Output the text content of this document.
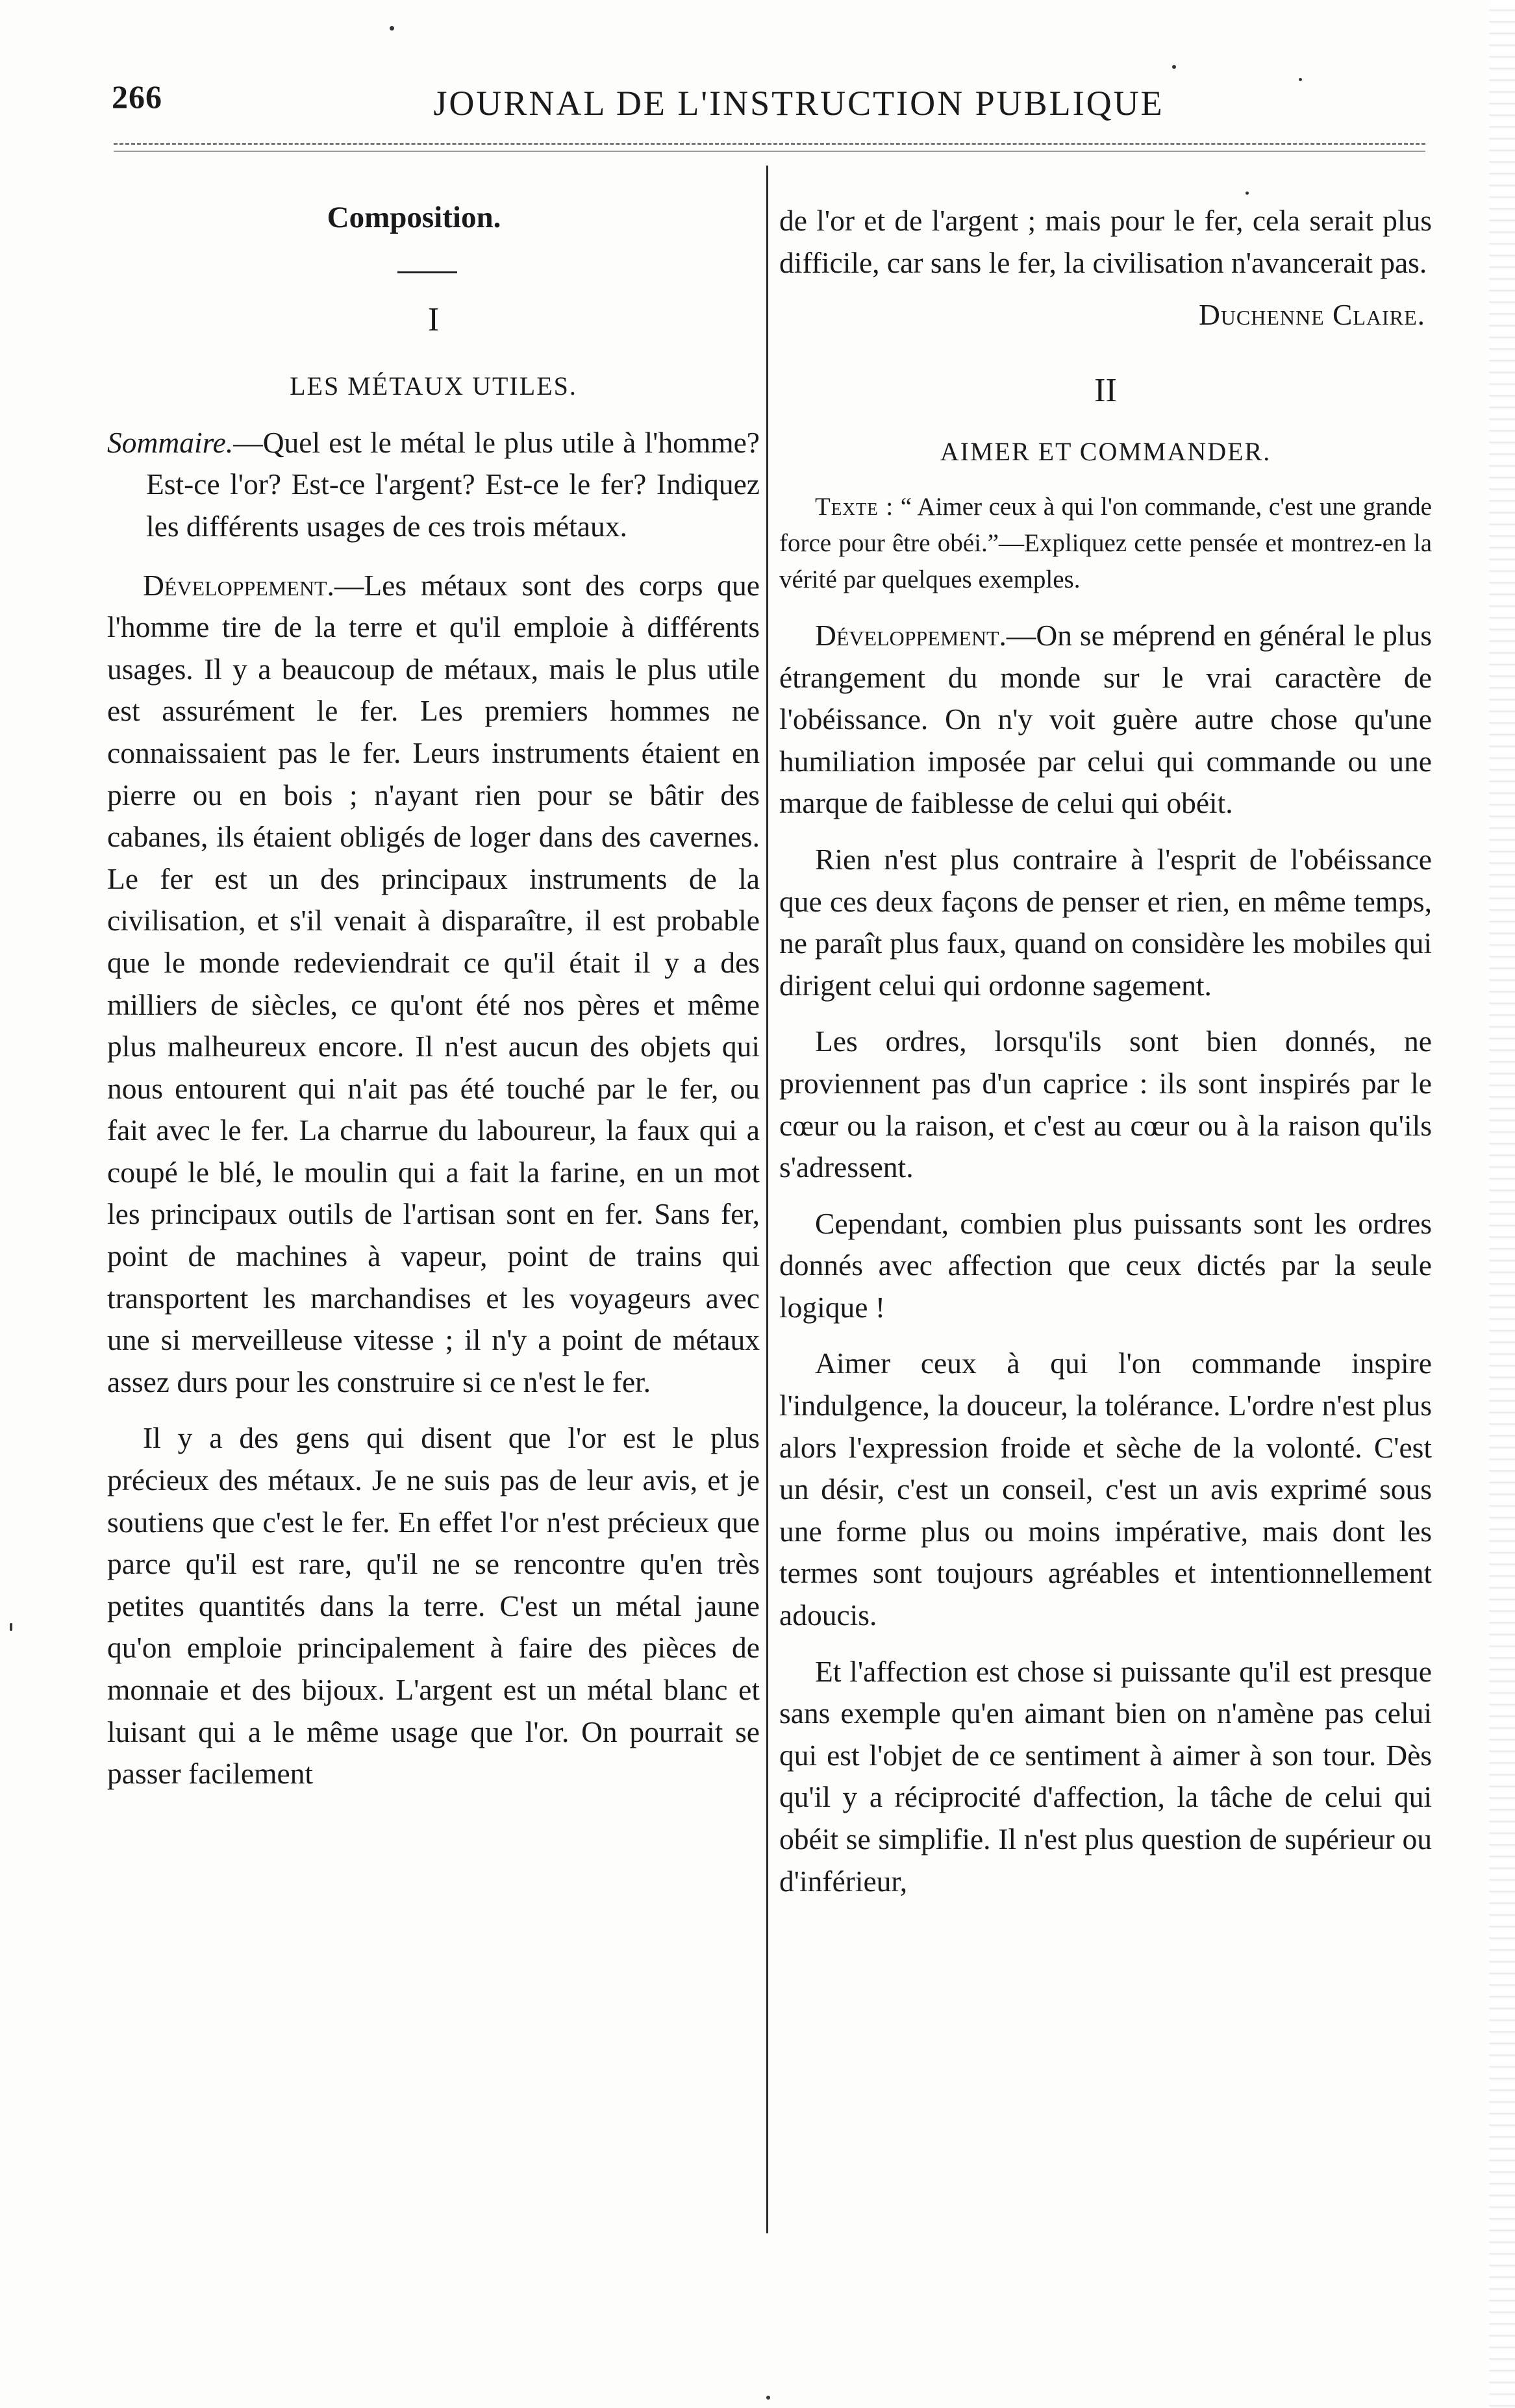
266	JOURNAL DE L'INSTRUCTION PUBLIQUE
Composition.
I
LES MÉTAUX UTILES.

Sommaire.—Quel est le métal le plus utile à l'homme? Est-ce l'or? Est-ce l'argent? Est-ce le fer? Indiquez les différents usages de ces trois métaux.

Développement.—Les métaux sont des corps que l'homme tire de la terre et qu'il emploie à différents usages. Il y a beaucoup de métaux, mais le plus utile est assurément le fer. Les premiers hommes ne connaissaient pas le fer. Leurs instruments étaient en pierre ou en bois ; n'ayant rien pour se bâtir des cabanes, ils étaient obligés de loger dans des cavernes. Le fer est un des principaux instruments de la civilisation, et s'il venait à disparaître, il est probable que le monde redeviendrait ce qu'il était il y a des milliers de siècles, ce qu'ont été nos pères et même plus malheureux encore. Il n'est aucun des objets qui nous entourent qui n'ait pas été touché par le fer, ou fait avec le fer. La charrue du laboureur, la faux qui a coupé le blé, le moulin qui a fait la farine, en un mot les principaux outils de l'artisan sont en fer. Sans fer, point de machines à vapeur, point de trains qui transportent les marchandises et les voyageurs avec une si merveilleuse vitesse ; il n'y a point de métaux assez durs pour les construire si ce n'est le fer.

Il y a des gens qui disent que l'or est le plus précieux des métaux. Je ne suis pas de leur avis, et je soutiens que c'est le fer. En effet l'or n'est précieux que parce qu'il est rare, qu'il ne se rencontre qu'en très petites quantités dans la terre. C'est un métal jaune qu'on emploie principalement à faire des pièces de monnaie et des bijoux. L'argent est un métal blanc et luisant qui a le même usage que l'or. On pourrait se passer facilement

de l'or et de l'argent ; mais pour le fer, cela serait plus difficile, car sans le fer, la civilisation n'avancerait pas.

Duchenne Claire.
II
AIMER ET COMMANDER.

Texte : “ Aimer ceux à qui l'on commande, c'est une grande force pour être obéi.”—Expliquez cette pensée et montrez-en la vérité par quelques exemples.

Développement.—On se méprend en général le plus étrangement du monde sur le vrai caractère de l'obéissance. On n'y voit guère autre chose qu'une humiliation imposée par celui qui commande ou une marque de faiblesse de celui qui obéit.

Rien n'est plus contraire à l'esprit de l'obéissance que ces deux façons de penser et rien, en même temps, ne paraît plus faux, quand on considère les mobiles qui dirigent celui qui ordonne sagement.

Les ordres, lorsqu'ils sont bien donnés, ne proviennent pas d'un caprice : ils sont inspirés par le cœur ou la raison, et c'est au cœur ou à la raison qu'ils s'adressent.

Cependant, combien plus puissants sont les ordres donnés avec affection que ceux dictés par la seule logique !

Aimer ceux à qui l'on commande inspire l'indulgence, la douceur, la tolérance. L'ordre n'est plus alors l'expression froide et sèche de la volonté. C'est un désir, c'est un conseil, c'est un avis exprimé sous une forme plus ou moins impérative, mais dont les termes sont toujours agréables et intentionnellement adoucis.

Et l'affection est chose si puissante qu'il est presque sans exemple qu'en aimant bien on n'amène pas celui qui est l'objet de ce sentiment à aimer à son tour. Dès qu'il y a réciprocité d'affection, la tâche de celui qui obéit se simplifie. Il n'est plus question de supérieur ou d'inférieur,
